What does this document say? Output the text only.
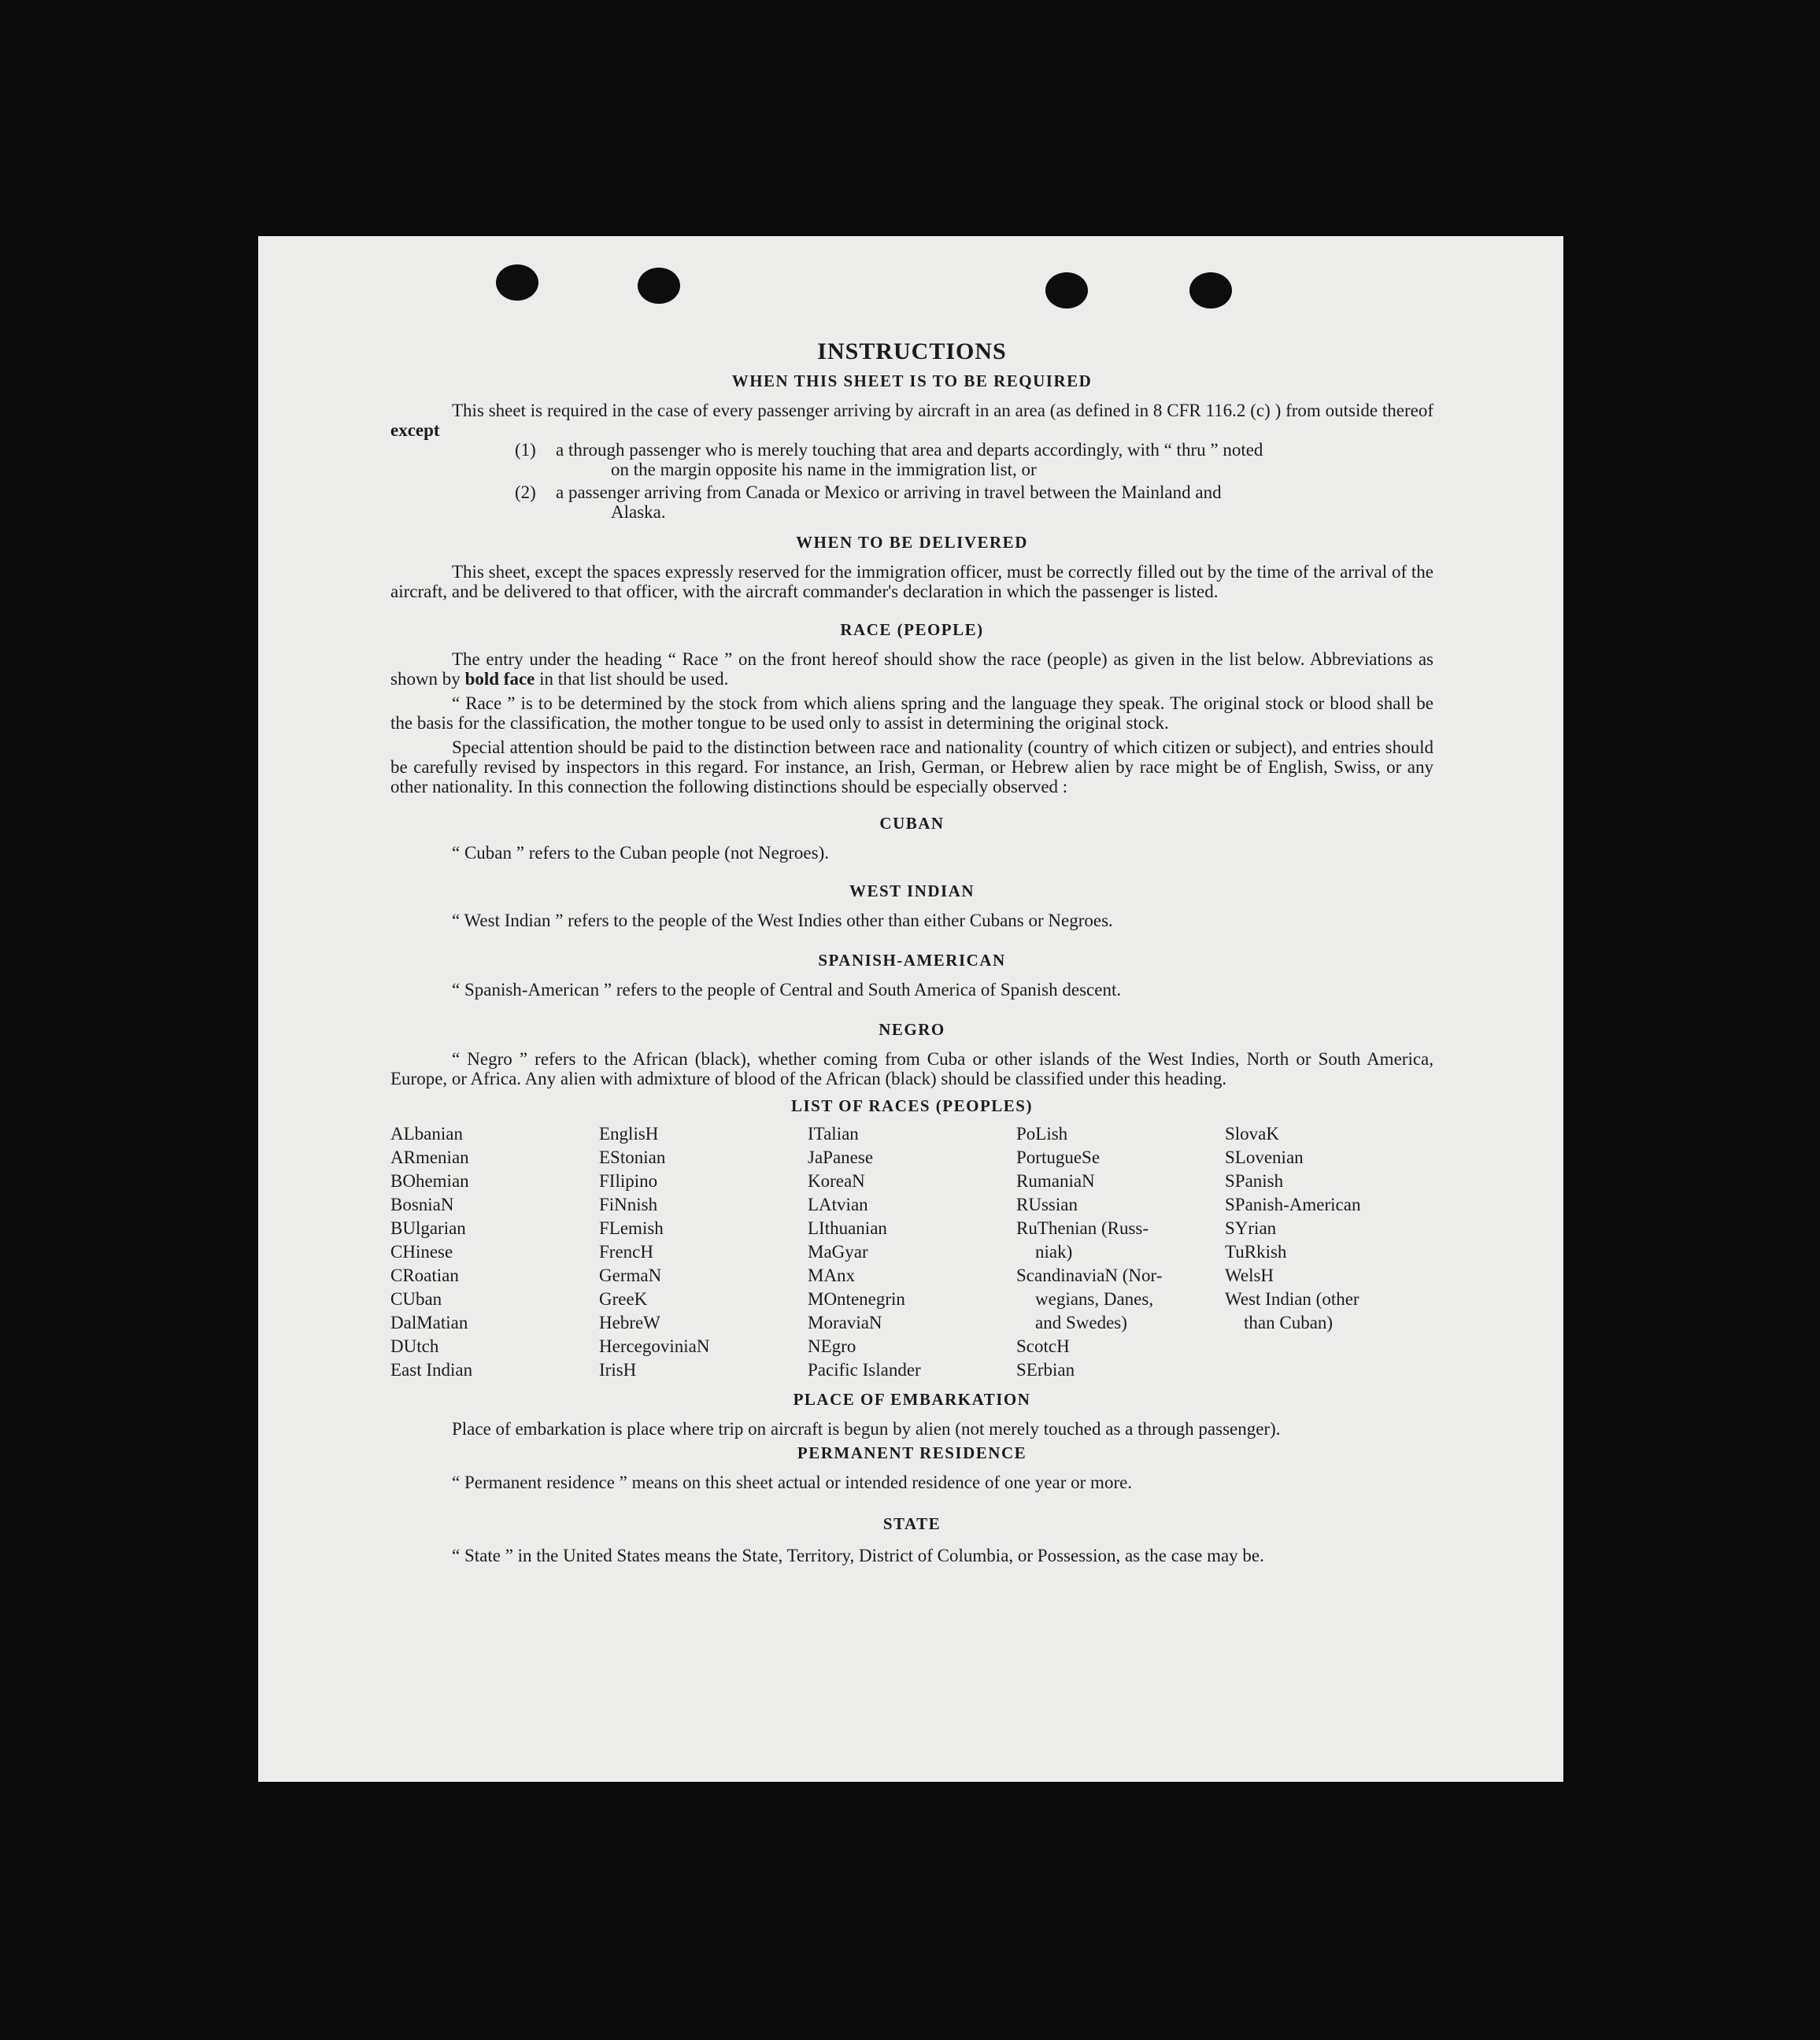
INSTRUCTIONS
WHEN THIS SHEET IS TO BE REQUIRED

This sheet is required in the case of every passenger arriving by aircraft in an area (as defined in 8 CFR 116.2 (c) ) from outside thereof except

(1)	a through passenger who is merely touching that area and departs accordingly, with “ thru ” noted
on the margin opposite his name in the immigration list, or
(2)	a passenger arriving from Canada or Mexico or arriving in travel between the Mainland and
Alaska.
WHEN TO BE DELIVERED

This sheet, except the spaces expressly reserved for the immigration officer, must be correctly filled out by the time of the arrival of the aircraft, and be delivered to that officer, with the aircraft commander's declaration in which the passenger is listed.

RACE (PEOPLE)

The entry under the heading “ Race ” on the front hereof should show the race (people) as given in the list below. Abbreviations as shown by bold face in that list should be used.

“ Race ” is to be determined by the stock from which aliens spring and the language they speak. The original stock or blood shall be the basis for the classification, the mother tongue to be used only to assist in determining the original stock.

Special attention should be paid to the distinction between race and nationality (country of which citizen or subject), and entries should be carefully revised by inspectors in this regard. For instance, an Irish, German, or Hebrew alien by race might be of English, Swiss, or any other nationality. In this connection the following distinctions should be especially observed :

CUBAN

“ Cuban ” refers to the Cuban people (not Negroes).

WEST INDIAN

“ West Indian ” refers to the people of the West Indies other than either Cubans or Negroes.

SPANISH-AMERICAN

“ Spanish-American ” refers to the people of Central and South America of Spanish descent.

NEGRO

“ Negro ” refers to the African (black), whether coming from Cuba or other islands of the West Indies, North or South America, Europe, or Africa. Any alien with admixture of blood of the African (black) should be classified under this heading.

LIST OF RACES (PEOPLES)
ALbanian
ARmenian
BOhemian
BosniaN
BUlgarian
CHinese
CRoatian
CUban
DalMatian
DUtch
East Indian
EnglisH
EStonian
FIlipino
FiNnish
FLemish
FrencH
GermaN
GreeK
HebreW
HercegoviniaN
IrisH
ITalian
JaPanese
KoreaN
LAtvian
LIthuanian
MaGyar
MAnx
MOntenegrin
MoraviaN
NEgro
Pacific Islander
PoLish
PortugueSe
RumaniaN
RUssian
RuThenian (Russ-
niak)
ScandinaviaN (Nor-
wegians, Danes,
and Swedes)
ScotcH
SErbian
SlovaK
SLovenian
SPanish
SPanish-American
SYrian
TuRkish
WelsH
West Indian (other
than Cuban)
PLACE OF EMBARKATION

Place of embarkation is place where trip on aircraft is begun by alien (not merely touched as a through passenger).

PERMANENT RESIDENCE

“ Permanent residence ” means on this sheet actual or intended residence of one year or more.

STATE

“ State ” in the United States means the State, Territory, District of Columbia, or Possession, as the case may be.
